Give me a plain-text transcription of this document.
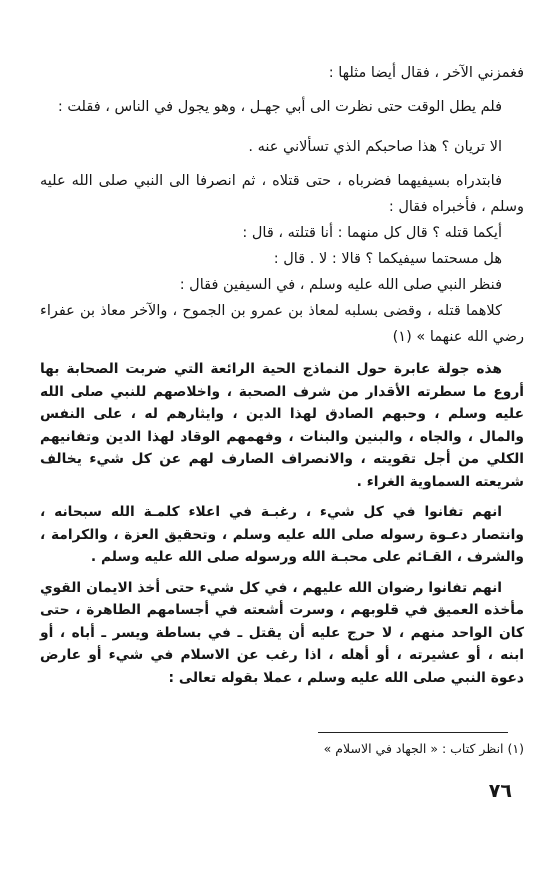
فغمزني الآخر ، فقال أيضا مثلها :

فلم يطل الوقت حتى نظرت الى أبي جهـل ، وهو يجول في الناس ، فقلت :

الا تريان ؟ هذا صاحبكم الذي تسألاني عنه .

فابتدراه بسيفيهما فضرباه ، حتى قتلاه ، ثم انصرفا الى النبي صلى الله عليه وسلم ، فأخبراه فقال :

أيكما قتله ؟ قال كل منهما : أنا قتلته ، قال :

هل مسحتما سيفيكما ؟ قالا : لا . قال :

فنظر النبي صلى الله عليه وسلم ، في السيفين فقال :

كلاهما قتله ، وقضى بسلبه لمعاذ بن عمرو بن الجموح ، والآخر معاذ بن عفراء رضي الله عنهما » (١)

هذه جولة عابرة حول النماذج الحية الرائعة التي ضربت الصحابة بها أروع ما سطرته الأقدار من شرف الصحبة ، واخلاصهم للنبي صلى الله عليه وسلم ، وحبهم الصادق لهذا الدين ، وايثارهم له ، على النفس والمال ، والجاه ، والبنين والبنات ، وفهمهم الوقاد لهذا الدين وتفانيهم الكلي من أجل تقويته ، والانصراف الصارف لهم عن كل شيء يخالف شريعته السماوية الغراء .

انهم تفانوا في كل شيء ، رغبـة في اعلاء كلمـة الله سبحانه ، وانتصار دعـوة رسوله صلى الله عليه وسلم ، وتحقيق العزة ، والكرامة ، والشرف ، القـائم على محبـة الله ورسوله صلى الله عليه وسلم .

انهم تفانوا رضوان الله عليهم ، في كل شيء حتى أخذ الايمان القوي مأخذه العميق في قلوبهم ، وسرت أشعته في أجسامهم الطاهرة ، حتى كان الواحد منهم ، لا حرج عليه أن يقتل ـ في بساطة ويسر ـ أباه ، أو ابنه ، أو عشيرته ، أو أهله ، اذا رغب عن الاسلام في شيء أو عارض دعوة النبي صلى الله عليه وسلم ، عملا بقوله تعالى :

(١) انظر كتاب : « الجهاد في الاسلام »
٧٦
